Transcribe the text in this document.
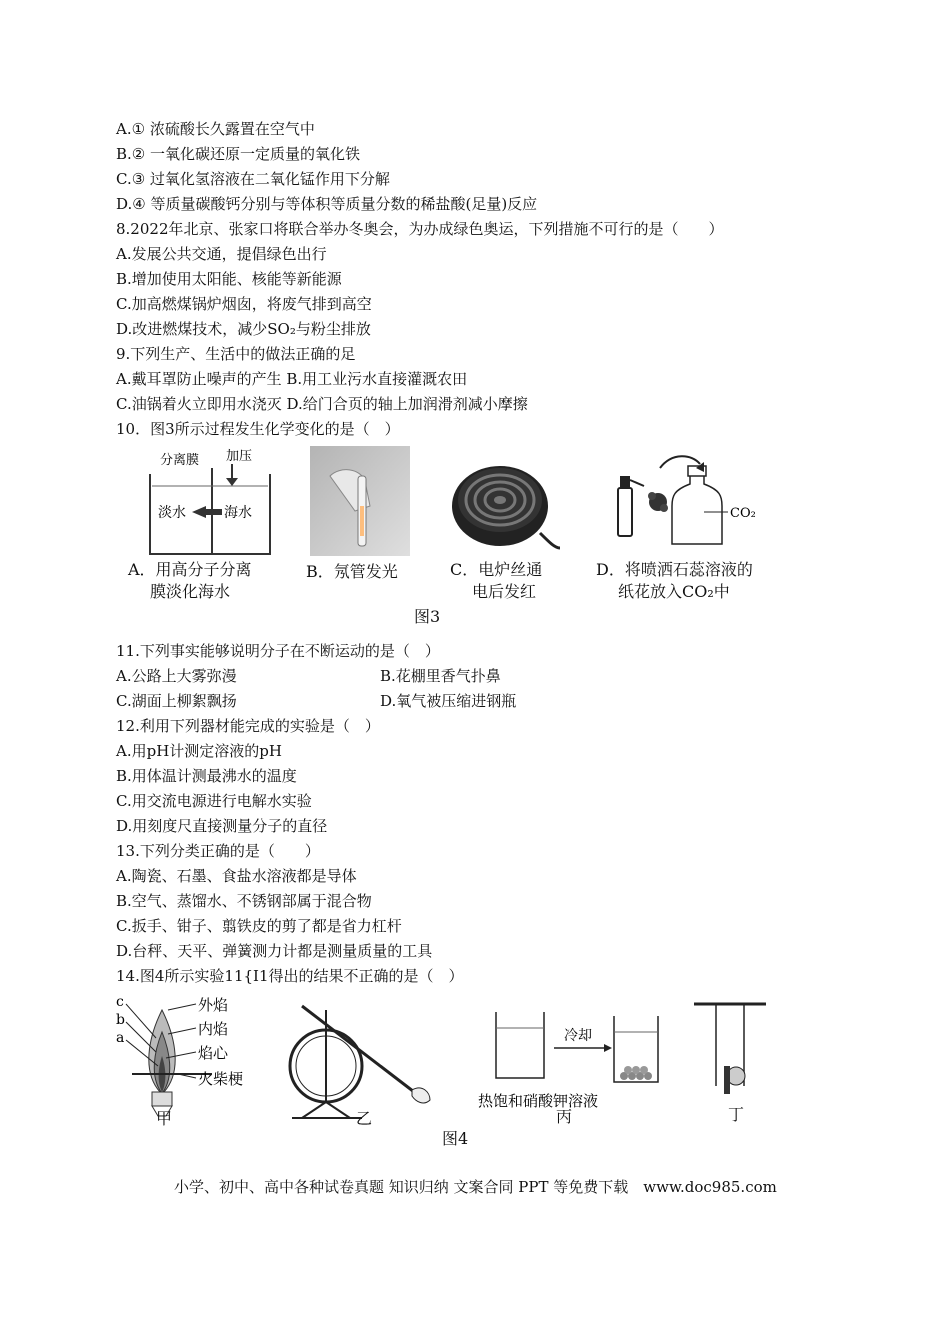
A.① 浓硫酸长久露置在空气中
B.② 一氧化碳还原一定质量的氧化铁
C.③ 过氧化氢溶液在二氧化锰作用下分解
D.④ 等质量碳酸钙分别与等体积等质量分数的稀盐酸(足量)反应
8.2022年北京、张家口将联合举办冬奥会，为办成绿色奥运，下列措施不可行的是（　　）
A.发展公共交通，提倡绿色出行
B.增加使用太阳能、核能等新能源
C.加高燃煤锅炉烟囱，将废气排到高空
D.改进燃煤技术，减少SO₂与粉尘排放
9.下列生产、生活中的做法正确的足
A.戴耳罩防止噪声的产生 B.用工业污水直接灌溉农田
C.油锅着火立即用水浇灭 D.给门合页的轴上加润滑剂减小摩擦
10．图3所示过程发生化学变化的是（　）
分离膜 加压
淡水	海水	CO₂
A．用高分子分离
膜淡化海水
B．氖管发光	C．电炉丝通
电后发红
D．将喷洒石蕊溶液的
纸花放入CO₂中
图3
11.下列事实能够说明分子在不断运动的是（　）
A.公路上大雾弥漫	B.花棚里香气扑鼻
C.湖面上柳絮飘扬	D.氧气被压缩进钢瓶
12.利用下列器材能完成的实验是（　）
A.用pH计测定溶液的pH
B.用体温计测最沸水的温度
C.用交流电源进行电解水实验
D.用刻度尺直接测量分子的直径
13.下列分类正确的是（　　）
A.陶瓷、石墨、食盐水溶液都是导体
B.空气、蒸馏水、不锈钢部属于混合物
C.扳手、钳子、翦铁皮的剪了都是省力杠杆
D.台秤、天平、弹簧测力计都是测量质量的工具
14.图4所示实验11{I1得出的结果不正确的是（　）
c
b
a
外焰
内焰
焰心
火柴梗
冷却
热饱和硝酸钾溶液
甲	乙	丙	丁
图4
小学、初中、高中各种试卷真题 知识归纳 文案合同 PPT 等免费下载　www.doc985.com
